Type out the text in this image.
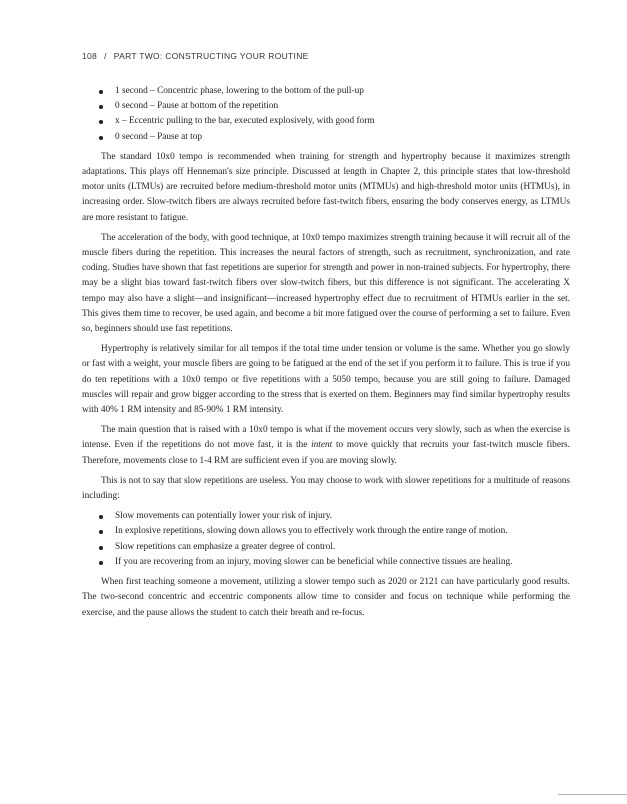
108 / PART TWO: CONSTRUCTING YOUR ROUTINE
1 second – Concentric phase, lowering to the bottom of the pull-up
0 second – Pause at bottom of the repetition
x – Eccentric pulling to the bar, executed explosively, with good form
0 second – Pause at top

The standard 10x0 tempo is recommended when training for strength and hypertrophy because it maximizes strength adaptations. This plays off Henneman's size principle. Discussed at length in Chapter 2, this principle states that low-threshold motor units (LTMUs) are recruited before medium-threshold motor units (MTMUs) and high-threshold motor units (HTMUs), in increasing order. Slow-twitch fibers are always recruited before fast-twitch fibers, ensuring the body conserves energy, as LTMUs are more resistant to fatigue.

The acceleration of the body, with good technique, at 10x0 tempo maximizes strength training because it will recruit all of the muscle fibers during the repetition. This increases the neural factors of strength, such as recruitment, synchronization, and rate coding. Studies have shown that fast repetitions are superior for strength and power in non-trained subjects. For hypertrophy, there may be a slight bias toward fast-twitch fibers over slow-twitch fibers, but this difference is not significant. The accelerating X tempo may also have a slight—and insignificant—increased hypertrophy effect due to recruitment of HTMUs earlier in the set. This gives them time to recover, be used again, and become a bit more fatigued over the course of performing a set to failure. Even so, beginners should use fast repetitions.

Hypertrophy is relatively similar for all tempos if the total time under tension or volume is the same. Whether you go slowly or fast with a weight, your muscle fibers are going to be fatigued at the end of the set if you perform it to failure. This is true if you do ten repetitions with a 10x0 tempo or five repetitions with a 5050 tempo, because you are still going to failure. Damaged muscles will repair and grow bigger according to the stress that is exerted on them. Beginners may find similar hypertrophy results with 40% 1 RM intensity and 85-90% 1 RM intensity.

The main question that is raised with a 10x0 tempo is what if the movement occurs very slowly, such as when the exercise is intense. Even if the repetitions do not move fast, it is the intent to move quickly that recruits your fast-twitch muscle fibers. Therefore, movements close to 1-4 RM are sufficient even if you are moving slowly.

This is not to say that slow repetitions are useless. You may choose to work with slower repetitions for a multitude of reasons including:

Slow movements can potentially lower your risk of injury.
In explosive repetitions, slowing down allows you to effectively work through the entire range of motion.
Slow repetitions can emphasize a greater degree of control.
If you are recovering from an injury, moving slower can be beneficial while connective tissues are healing.

When first teaching someone a movement, utilizing a slower tempo such as 2020 or 2121 can have particularly good results. The two-second concentric and eccentric components allow time to consider and focus on technique while performing the exercise, and the pause allows the student to catch their breath and re-focus.
